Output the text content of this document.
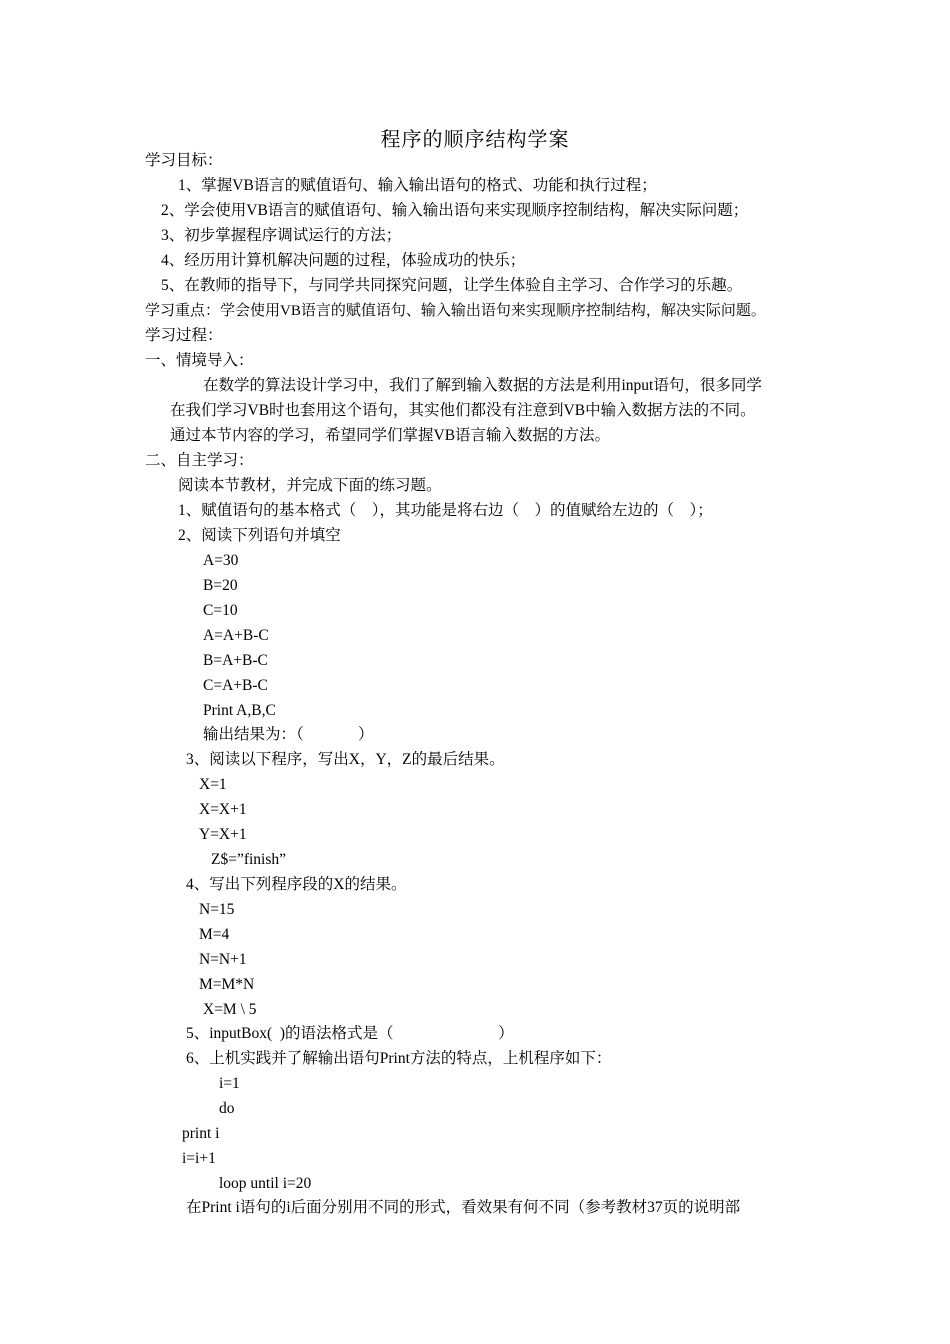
程序的顺序结构学案
学习目标：
1、掌握VB语言的赋值语句、输入输出语句的格式、功能和执行过程；
2、学会使用VB语言的赋值语句、输入输出语句来实现顺序控制结构，解决实际问题；
3、初步掌握程序调试运行的方法；
4、经历用计算机解决问题的过程，体验成功的快乐；
5、在教师的指导下，与同学共同探究问题，让学生体验自主学习、合作学习的乐趣。
学习重点：学会使用VB语言的赋值语句、输入输出语句来实现顺序控制结构，解决实际问题。
学习过程：
一、情境导入：
在数学的算法设计学习中，我们了解到输入数据的方法是利用input语句，很多同学
在我们学习VB时也套用这个语句，其实他们都没有注意到VB中输入数据方法的不同。
通过本节内容的学习，希望同学们掌握VB语言输入数据的方法。
二、自主学习：
阅读本节教材，并完成下面的练习题。
1、赋值语句的基本格式（    ），其功能是将右边（    ）的值赋给左边的（    ）；
2、阅读下列语句并填空
A=30
B=20
C=10
A=A+B-C
B=A+B-C
C=A+B-C
Print A,B,C
输出结果为：（              ）
3、阅读以下程序，写出X，Y，Z的最后结果。
X=1
X=X+1
Y=X+1
Z$=”finish”
4、写出下列程序段的X的结果。
N=15
M=4
N=N+1
M=M*N
X=M \ 5
5、inputBox(  )的语法格式是（                           ）
6、上机实践并了解输出语句Print方法的特点，上机程序如下：
i=1
do
print i
i=i+1
loop until i=20
在Print i语句的i后面分别用不同的形式，看效果有何不同（参考教材37页的说明部
